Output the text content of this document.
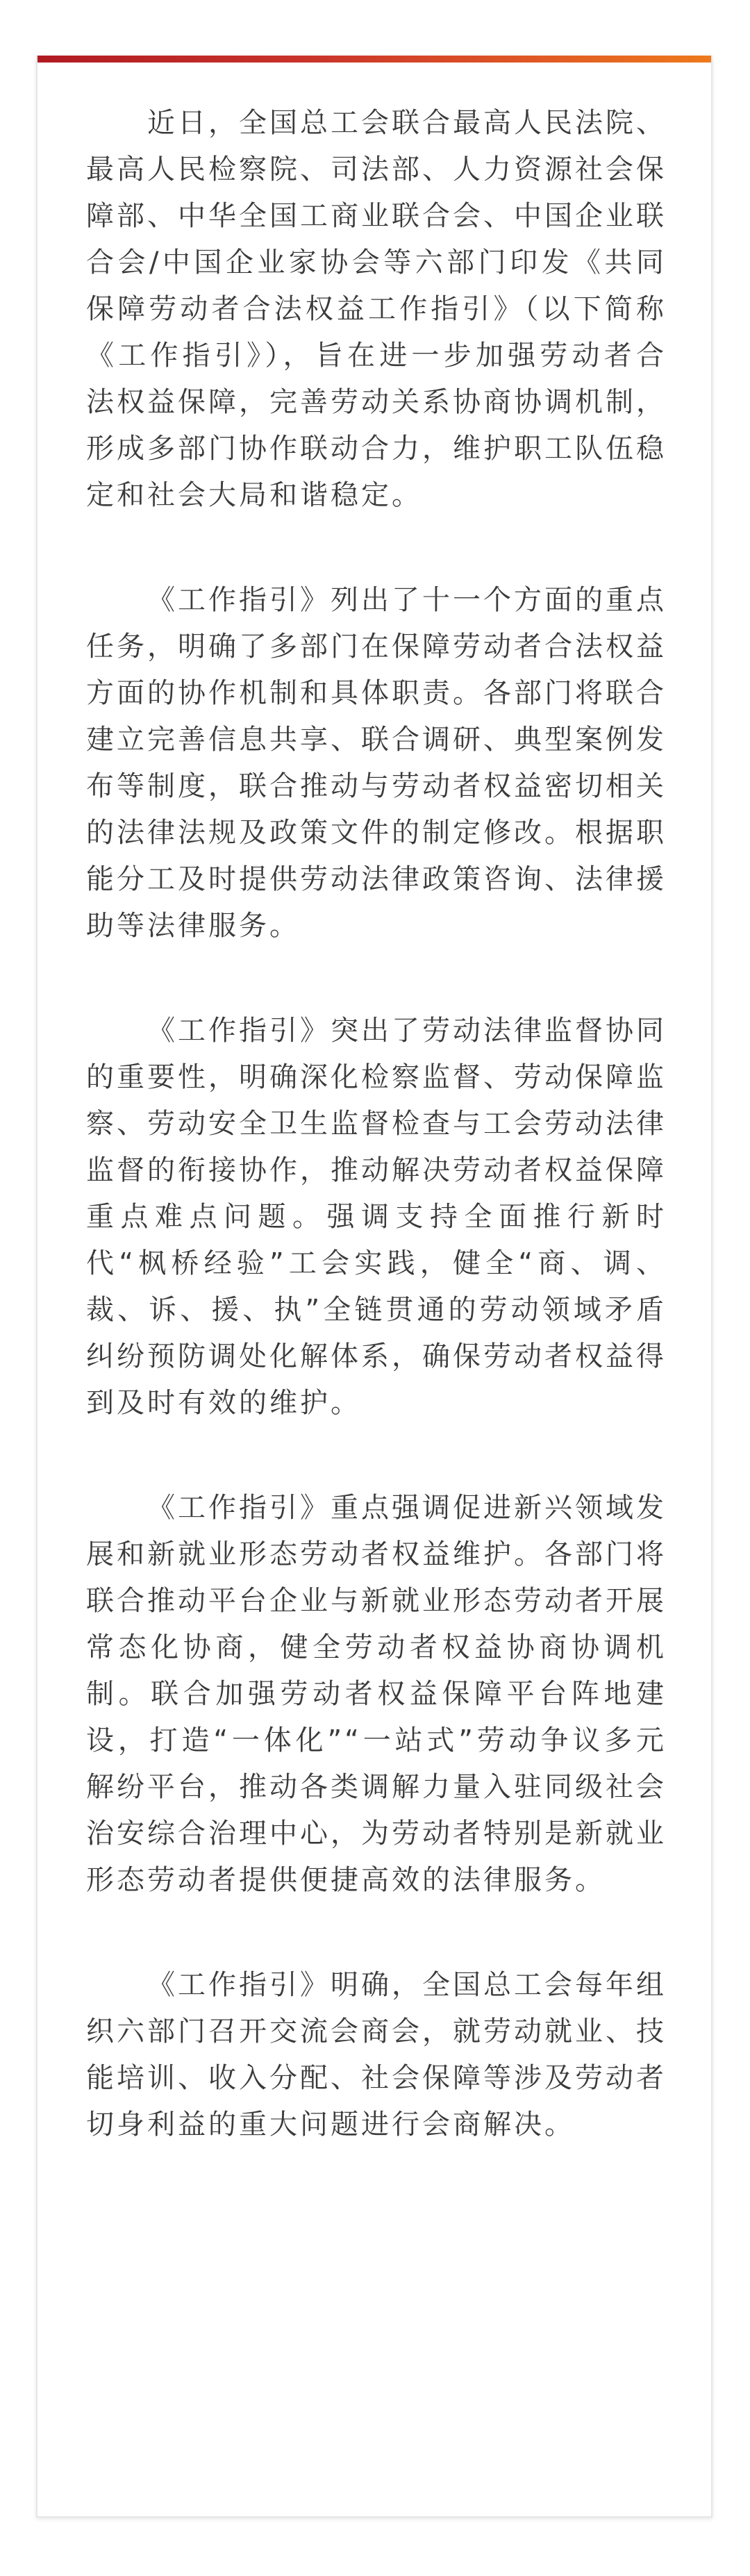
近日，全国总工会联合最高人民法院、最高人民检察院、司法部、人力资源社会保障部、中华全国工商业联合会、中国企业联合会/中国企业家协会等六部门印发《共同保障劳动者合法权益工作指引》（以下简称《工作指引》），旨在进一步加强劳动者合法权益保障，完善劳动关系协商协调机制，形成多部门协作联动合力，维护职工队伍稳定和社会大局和谐稳定。

《工作指引》列出了十一个方面的重点任务，明确了多部门在保障劳动者合法权益方面的协作机制和具体职责。各部门将联合建立完善信息共享、联合调研、典型案例发布等制度，联合推动与劳动者权益密切相关的法律法规及政策文件的制定修改。根据职能分工及时提供劳动法律政策咨询、法律援助等法律服务。

《工作指引》突出了劳动法律监督协同的重要性，明确深化检察监督、劳动保障监察、劳动安全卫生监督检查与工会劳动法律监督的衔接协作，推动解决劳动者权益保障重点难点问题。强调支持全面推行新时代“枫桥经验”工会实践，健全“商、调、裁、诉、援、执”全链贯通的劳动领域矛盾纠纷预防调处化解体系，确保劳动者权益得到及时有效的维护。

《工作指引》重点强调促进新兴领域发展和新就业形态劳动者权益维护。各部门将联合推动平台企业与新就业形态劳动者开展常态化协商，健全劳动者权益协商协调机制。联合加强劳动者权益保障平台阵地建设，打造“一体化”“一站式”劳动争议多元解纷平台，推动各类调解力量入驻同级社会治安综合治理中心，为劳动者特别是新就业形态劳动者提供便捷高效的法律服务。

《工作指引》明确，全国总工会每年组织六部门召开交流会商会，就劳动就业、技能培训、收入分配、社会保障等涉及劳动者切身利益的重大问题进行会商解决。
